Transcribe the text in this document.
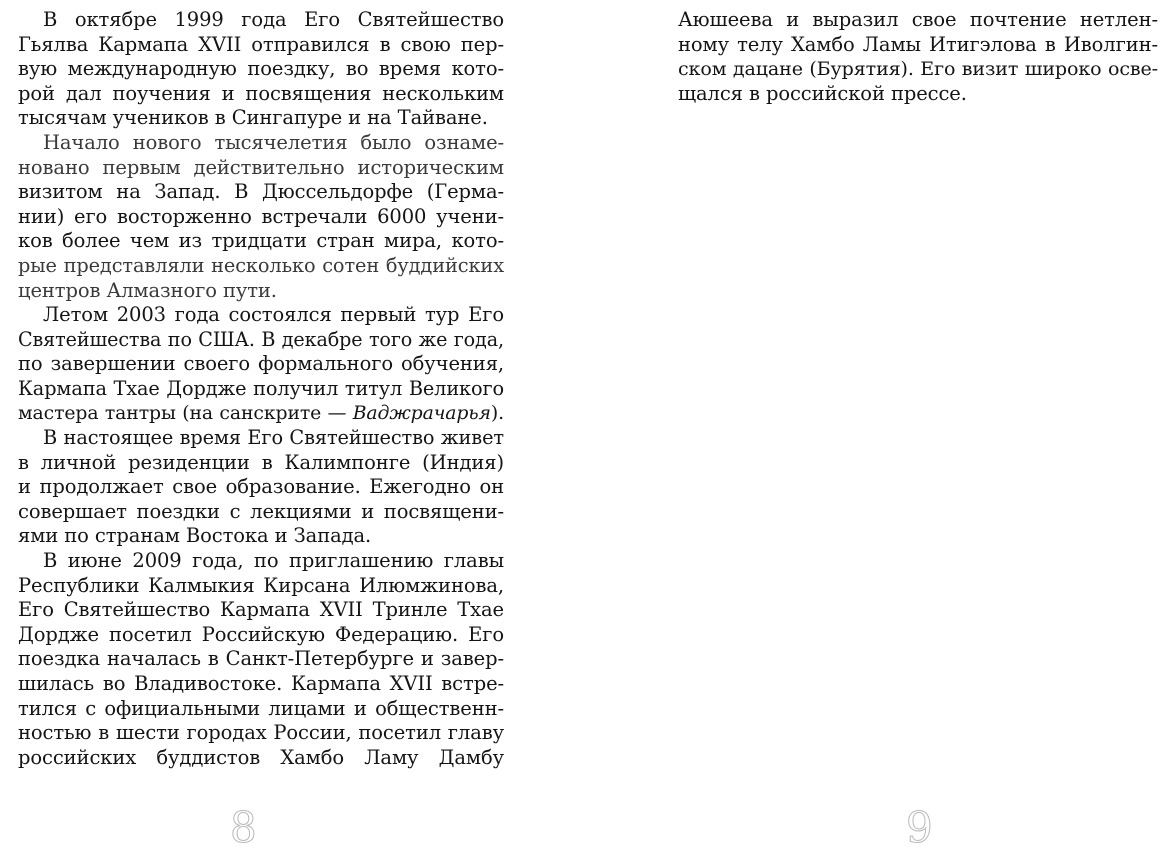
В октябре 1999 года Его Святейшество
Гьялва Кармапа XVII отправился в свою пер-
вую международную поездку, во время кото-
рой дал поучения и посвящения нескольким
тысячам учеников в Сингапуре и на Тайване.
Начало нового тысячелетия было ознаме-
новано первым действительно историческим
визитом на Запад. В Дюссельдорфе (Герма-
нии) его восторженно встречали 6000 учени-
ков более чем из тридцати стран мира, кото-
рые представляли несколько сотен буддийских
центров Алмазного пути.
Летом 2003 года состоялся первый тур Его
Святейшества по США. В декабре того же года,
по завершении своего формального обучения,
Кармапа Тхае Дордже получил титул Великого
мастера тантры (на санскрите — Ваджрачарья).
В настоящее время Его Святейшество живет
в личной резиденции в Калимпонге (Индия)
и продолжает свое образование. Ежегодно он
совершает поездки с лекциями и посвящени-
ями по странам Востока и Запада.
В июне 2009 года, по приглашению главы
Республики Калмыкия Кирсана Илюмжинова,
Его Святейшество Кармапа XVII Тринле Тхае
Дордже посетил Российскую Федерацию. Его
поездка началась в Санкт-Петербурге и завер-
шилась во Владивостоке. Кармапа XVII встре-
тился с официальными лицами и общественн-
ностью в шести городах России, посетил главу
российских буддистов Хамбо Ламу Дамбу
8
Аюшеева и выразил свое почтение нетлен-
ному телу Хамбо Ламы Итигэлова в Иволгин-
ском дацане (Бурятия). Его визит широко осве-
щался в российской прессе.
9
